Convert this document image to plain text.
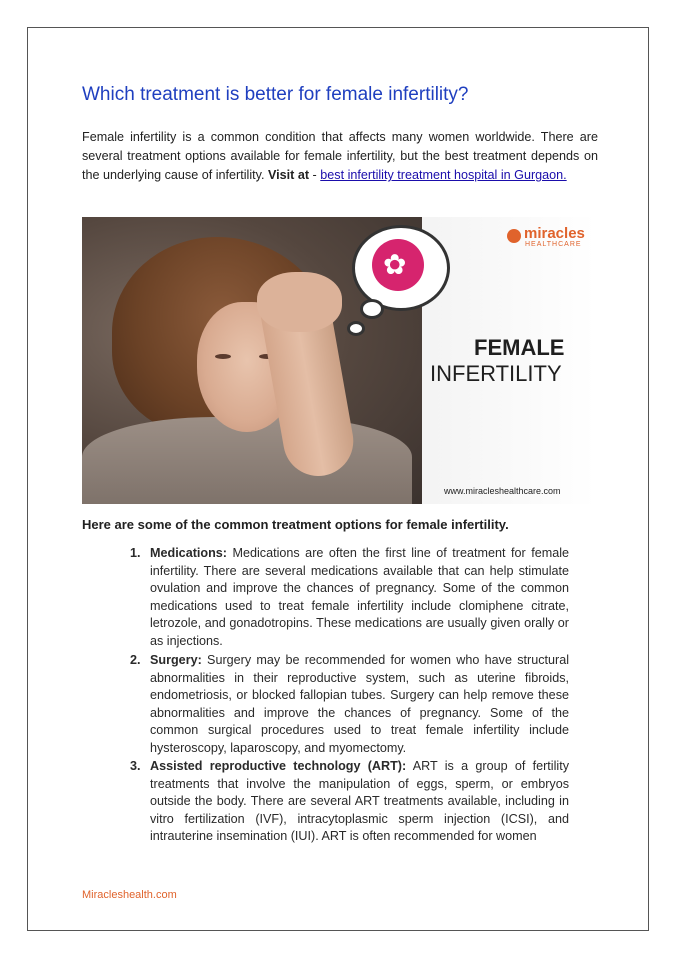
Which treatment is better for female infertility?

Female infertility is a common condition that affects many women worldwide. There are several treatment options available for female infertility, but the best treatment depends on the underlying cause of infertility. Visit at - best infertility treatment hospital in Gurgaon.

✿
miracles
HEALTHCARE
FEMALE
INFERTILITY
www.miracleshealthcare.com
Here are some of the common treatment options for female infertility.
1. Medications: Medications are often the first line of treatment for female infertility. There are several medications available that can help stimulate ovulation and improve the chances of pregnancy. Some of the common medications used to treat female infertility include clomiphene citrate, letrozole, and gonadotropins. These medications are usually given orally or as injections.
2. Surgery: Surgery may be recommended for women who have structural abnormalities in their reproductive system, such as uterine fibroids, endometriosis, or blocked fallopian tubes. Surgery can help remove these abnormalities and improve the chances of pregnancy. Some of the common surgical procedures used to treat female infertility include hysteroscopy, laparoscopy, and myomectomy.
3. Assisted reproductive technology (ART): ART is a group of fertility treatments that involve the manipulation of eggs, sperm, or embryos outside the body. There are several ART treatments available, including in vitro fertilization (IVF), intracytoplasmic sperm injection (ICSI), and intrauterine insemination (IUI). ART is often recommended for women
Miracleshealth.com
